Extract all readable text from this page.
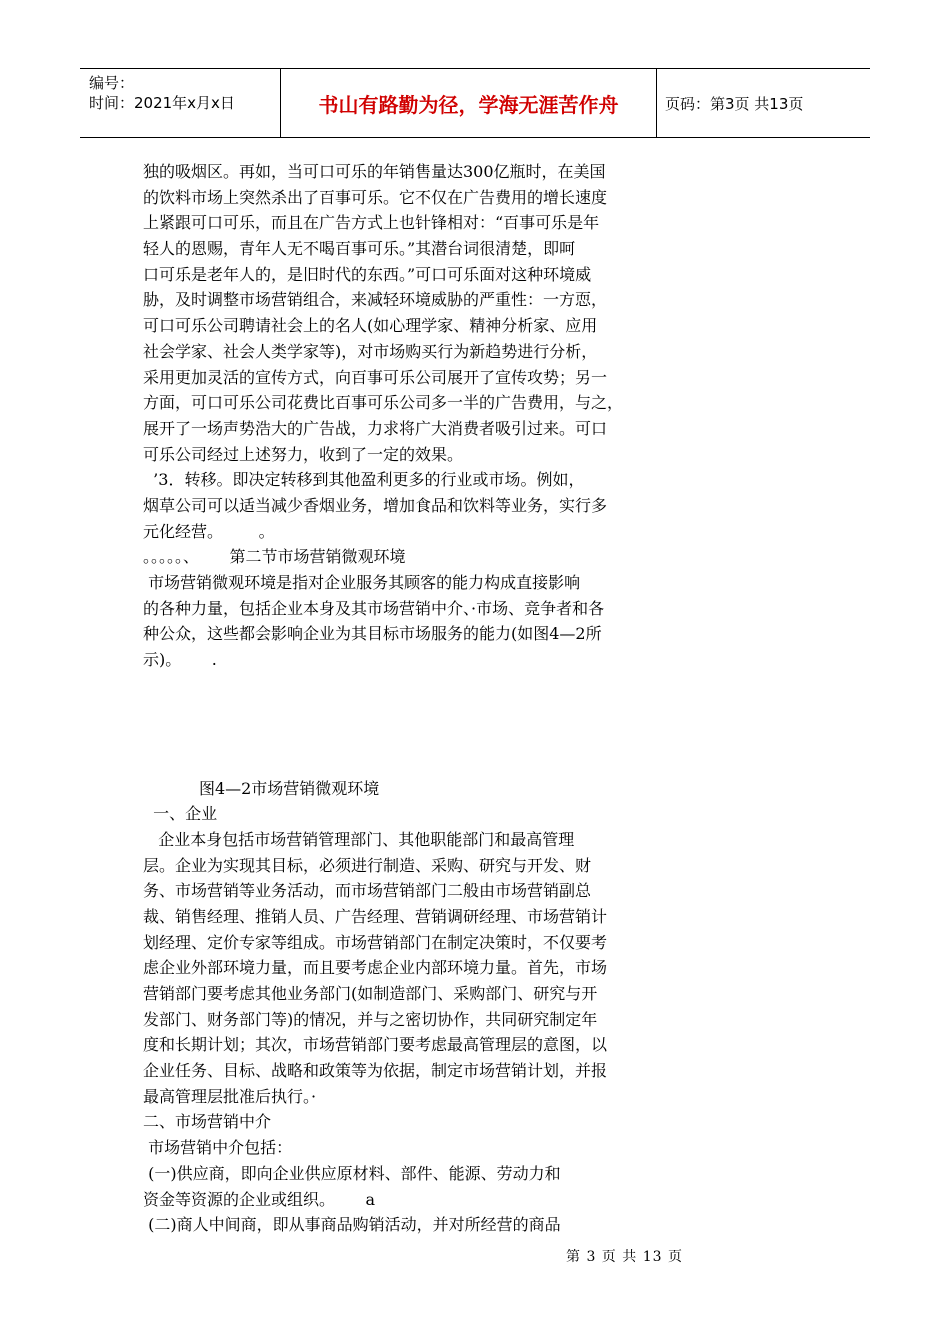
编号：
时间：2021年x月x日	书山有路勤为径，学海无涯苦作舟	页码：第3页 共13页
独的吸烟区。再如，当可口可乐的年销售量达300亿瓶时，在美国
的饮料市场上突然杀出了百事可乐。它不仅在广告费用的增长速度
上紧跟可口可乐，而且在广告方式上也针锋相对：“百事可乐是年
轻人的恩赐，青年人无不喝百事可乐。”其潜台词很清楚，即呵
口可乐是老年人的，是旧时代的东西。”可口可乐面对这种环境威
胁，及时调整市场营销组合，来减轻环境威胁的严重性：一方恧，
可口可乐公司聘请社会上的名人(如心理学家、精神分析家、应用
社会学家、社会人类学家等)，对市场购买行为新趋势进行分析，
采用更加灵活的宣传方式，向百事可乐公司展开了宣传攻势；另一
方面，可口可乐公司花费比百事可乐公司多一半的广告费用，与之，
展开了一场声势浩大的广告战，力求将广大消费者吸引过来。可口
可乐公司经过上述努力，收到了一定的效果。
’3．转移。即决定转移到其他盈利更多的行业或市场。例如，
烟草公司可以适当减少香烟业务，增加食品和饮料等业务，实行多
元化经营。       。
。。。。。、      第二节市场营销微观环境
市场营销微观环境是指对企业服务其顾客的能力构成直接影响
的各种力量，包括企业本身及其市场营销中介、·市场、竞争者和各
种公众，这些都会影响企业为其目标市场服务的能力(如图4—2所
示)。      .
图4—2市场营销微观环境
一、企业
企业本身包括市场营销管理部门、其他职能部门和最高管理
层。企业为实现其目标，必须进行制造、采购、研究与开发、财
务、市场营销等业务活动，而市场营销部门二般由市场营销副总
裁、销售经理、推销人员、广告经理、营销调研经理、市场营销计
划经理、定价专家等组成。市场营销部门在制定决策时，不仅要考
虑企业外部环境力量，而且要考虑企业内部环境力量。首先，市场
营销部门要考虑其他业务部门(如制造部门、采购部门、研究与开
发部门、财务部门等)的情况，并与之密切协作，共同研究制定年
度和长期计划；其次，市场营销部门要考虑最高管理层的意图，以
企业任务、目标、战略和政策等为依据，制定市场营销计划，并报
最高管理层批准后执行。·
二、市场营销中介
市场营销中介包括：
(一)供应商，即向企业供应原材料、部件、能源、劳动力和
资金等资源的企业或组织。      a
(二)商人中间商，即从事商品购销活动，并对所经营的商品
第 3 页 共 13 页
